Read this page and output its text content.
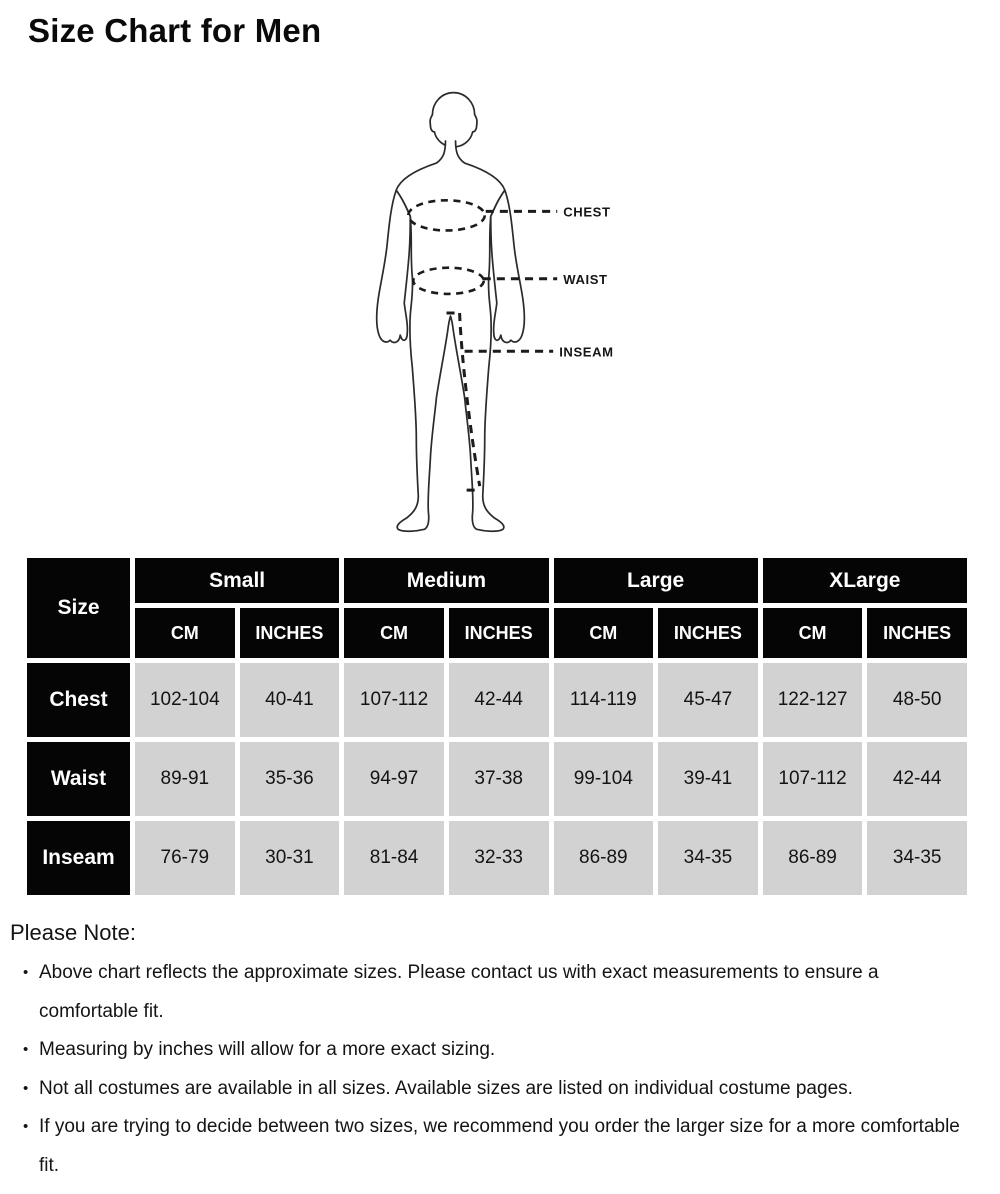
Size Chart for Men
CHEST
WAIST
INSEAM
Size	Small		Medium		Large		XLarge	
	CM	INCHES	CM	INCHES	CM	INCHES	CM	INCHES
Chest	102-104	40-41	107-112	42-44	114-119	45-47	122-127	48-50
Waist	89-91	35-36	94-97	37-38	99-104	39-41	107-112	42-44
Inseam	76-79	30-31	81-84	32-33	86-89	34-35	86-89	34-35

Please Note:

• Above chart reflects the approximate sizes. Please contact us with exact measurements to ensure a comfortable fit.
• Measuring by inches will allow for a more exact sizing.
• Not all costumes are available in all sizes. Available sizes are listed on individual costume pages.
• If you are trying to decide between two sizes, we recommend you order the larger size for a more comfortable fit.
